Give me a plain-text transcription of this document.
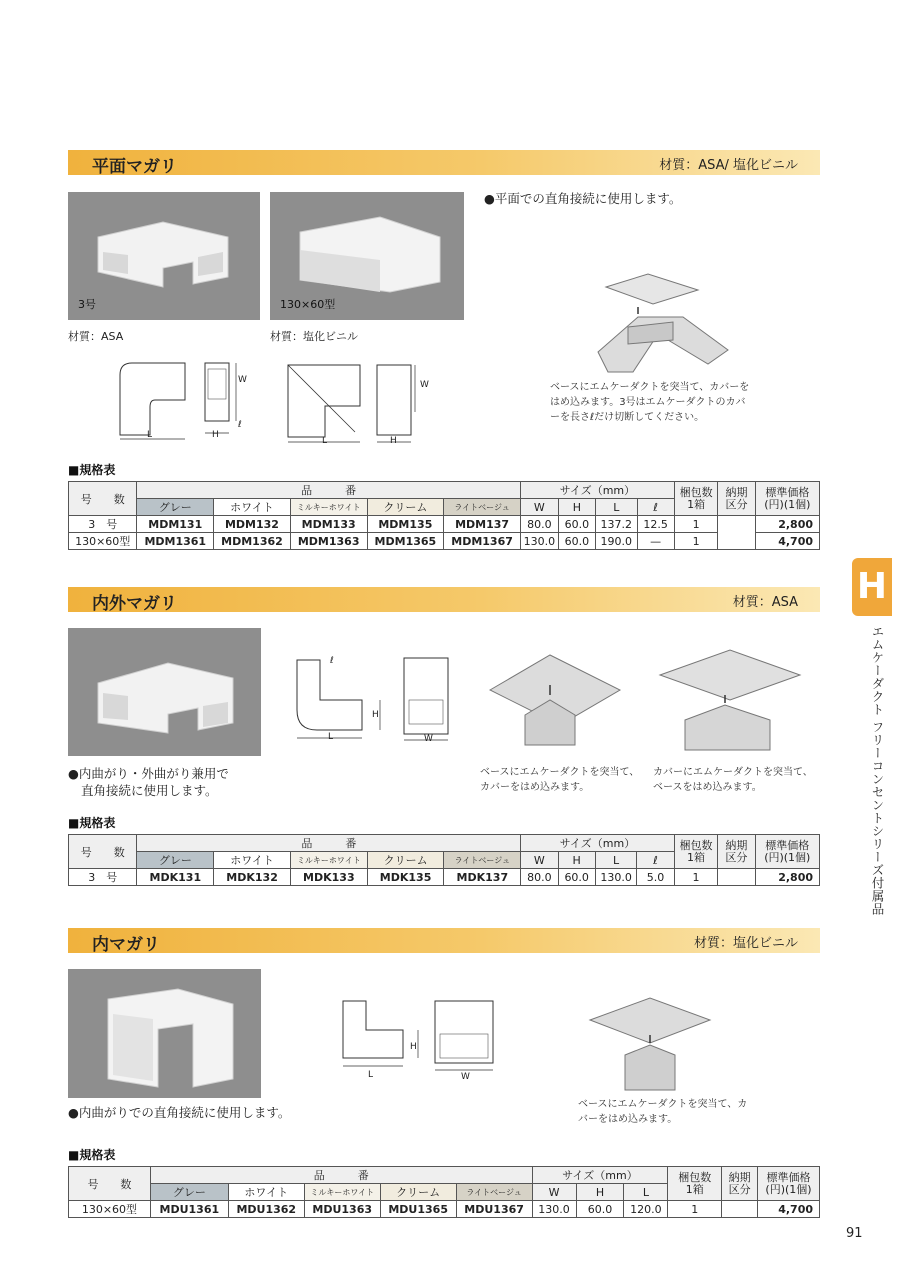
平面マガリ	材質：ASA/ 塩化ビニル
3号	130×60型
材質：ASA	材質：塩化ビニル
L	H
W
ℓ
L	H
W
●平面での直角接続に使用します。
ベースにエムケーダクトを突当て、カバーをはめ込みます。3号はエムケーダクトのカバーを長さℓだけ切断してください。
■規格表
号　　数	品　　　番					サイズ（mm）				梱包数
1箱	納期
区分	標準価格
(円)(1個)
	グレー	ホワイト	ミルキーホワイト	クリーム	ライトベージュ	W	H	L	ℓ			
3　号	MDM131	MDM132	MDM133	MDM135	MDM137	80.0	60.0	137.2	12.5	1		2,800
130×60型	MDM1361	MDM1362	MDM1363	MDM1365	MDM1367	130.0	60.0	190.0	—	1		4,700
内外マガリ	材質：ASA
L
H
W
ℓ
●内曲がり・外曲がり兼用で
直角接続に使用します。
ベースにエムケーダクトを突当て、カバーをはめ込みます。
カバーにエムケーダクトを突当て、ベースをはめ込みます。
■規格表
号　　数	品　　　番					サイズ（mm）				梱包数
1箱	納期
区分	標準価格
(円)(1個)
	グレー	ホワイト	ミルキーホワイト	クリーム	ライトベージュ	W	H	L	ℓ			
3　号	MDK131	MDK132	MDK133	MDK135	MDK137	80.0	60.0	130.0	5.0	1		2,800
内マガリ	材質：塩化ビニル
L
H
W
●内曲がりでの直角接続に使用します。
ベースにエムケーダクトを突当て、カバーをはめ込みます。
■規格表
号　　数	品　　　番					サイズ（mm）			梱包数
1箱	納期
区分	標準価格
(円)(1個)
	グレー	ホワイト	ミルキーホワイト	クリーム	ライトベージュ	W	H	L			
130×60型	MDU1361	MDU1362	MDU1363	MDU1365	MDU1367	130.0	60.0	120.0	1		4,700
H
エムケーダクト フリーコンセントシリーズ付属品
91
